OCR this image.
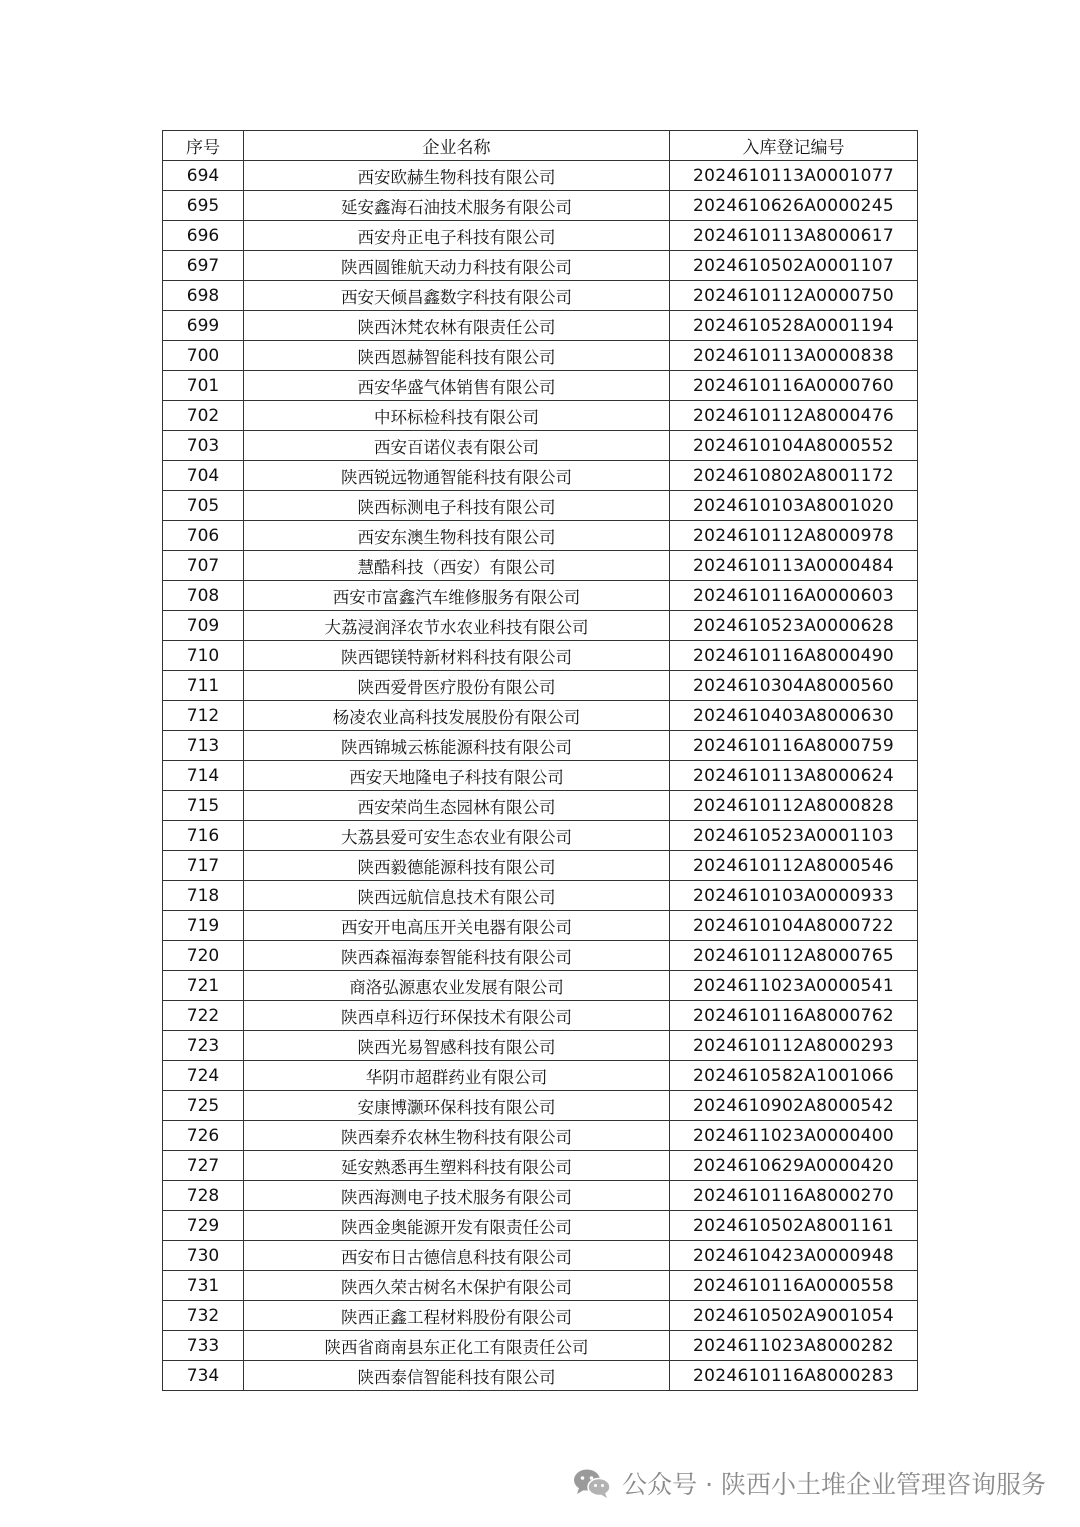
序号	企业名称	入库登记编号
694	西安欧赫生物科技有限公司	2024610113A0001077
695	延安鑫海石油技术服务有限公司	2024610626A0000245
696	西安舟正电子科技有限公司	2024610113A8000617
697	陕西圆锥航天动力科技有限公司	2024610502A0001107
698	西安天倾昌鑫数字科技有限公司	2024610112A0000750
699	陕西沐梵农林有限责任公司	2024610528A0001194
700	陕西恩赫智能科技有限公司	2024610113A0000838
701	西安华盛气体销售有限公司	2024610116A0000760
702	中环标检科技有限公司	2024610112A8000476
703	西安百诺仪表有限公司	2024610104A8000552
704	陕西锐远物通智能科技有限公司	2024610802A8001172
705	陕西标测电子科技有限公司	2024610103A8001020
706	西安东澳生物科技有限公司	2024610112A8000978
707	慧酷科技（西安）有限公司	2024610113A0000484
708	西安市富鑫汽车维修服务有限公司	2024610116A0000603
709	大荔浸润泽农节水农业科技有限公司	2024610523A0000628
710	陕西锶镁特新材料科技有限公司	2024610116A8000490
711	陕西爱骨医疗股份有限公司	2024610304A8000560
712	杨凌农业高科技发展股份有限公司	2024610403A8000630
713	陕西锦城云栋能源科技有限公司	2024610116A8000759
714	西安天地隆电子科技有限公司	2024610113A8000624
715	西安荣尚生态园林有限公司	2024610112A8000828
716	大荔县爱可安生态农业有限公司	2024610523A0001103
717	陕西毅德能源科技有限公司	2024610112A8000546
718	陕西远航信息技术有限公司	2024610103A0000933
719	西安开电高压开关电器有限公司	2024610104A8000722
720	陕西森福海泰智能科技有限公司	2024610112A8000765
721	商洛弘源惠农业发展有限公司	2024611023A0000541
722	陕西卓科迈行环保技术有限公司	2024610116A8000762
723	陕西光易智感科技有限公司	2024610112A8000293
724	华阴市超群药业有限公司	2024610582A1001066
725	安康博灏环保科技有限公司	2024610902A8000542
726	陕西秦乔农林生物科技有限公司	2024611023A0000400
727	延安熟悉再生塑料科技有限公司	2024610629A0000420
728	陕西海测电子技术服务有限公司	2024610116A8000270
729	陕西金奥能源开发有限责任公司	2024610502A8001161
730	西安布日古德信息科技有限公司	2024610423A0000948
731	陕西久荣古树名木保护有限公司	2024610116A0000558
732	陕西正鑫工程材料股份有限公司	2024610502A9001054
733	陕西省商南县东正化工有限责任公司	2024611023A8000282
734	陕西泰信智能科技有限公司	2024610116A8000283
公众号 · 陕西小土堆企业管理咨询服务
